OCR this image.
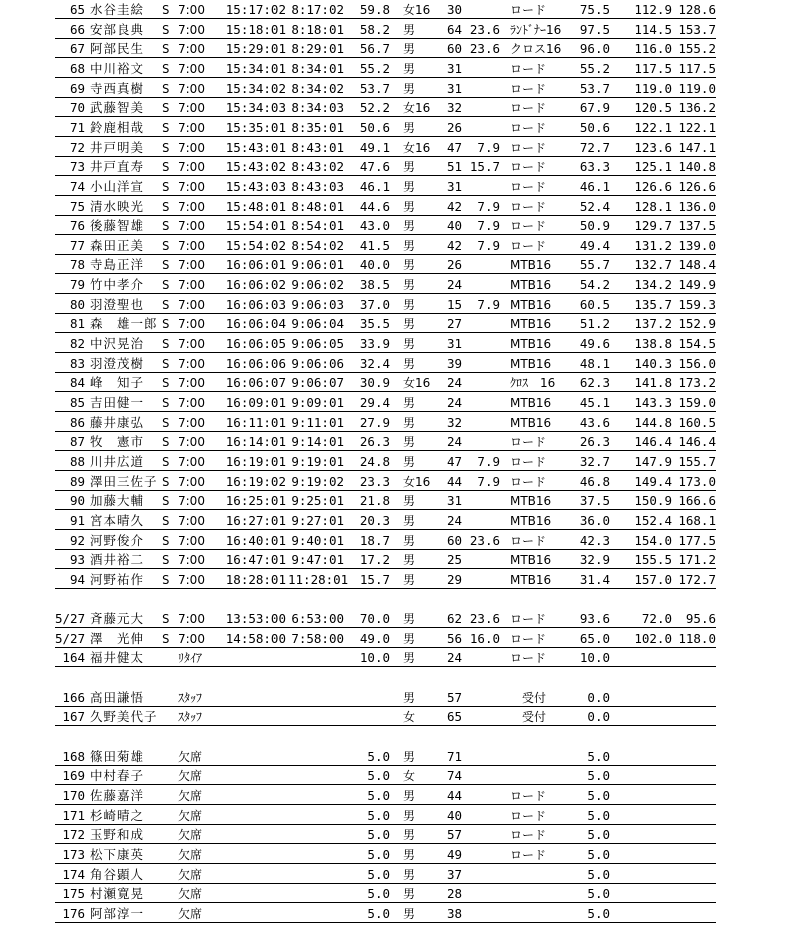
65 水谷圭絵	S 7:00	15:17:02 8:17:02	59.8 女16	30	ロード	75.5	112.9 128.6
66 安部良典	S 7:00	15:18:01 8:18:01	58.2 男	64 23.6 ﾗﾝﾄﾞﾅｰ16	97.5	114.5 153.7
67 阿部民生	S 7:00	15:29:01 8:29:01	56.7 男	60 23.6 クロス16	96.0	116.0 155.2
68 中川裕文	S 7:00	15:34:01 8:34:01	55.2 男	31	ロード	55.2	117.5 117.5
69 寺西真樹	S 7:00	15:34:02 8:34:02	53.7 男	31	ロード	53.7	119.0 119.0
70 武藤智美	S 7:00	15:34:03 8:34:03	52.2 女16	32	ロード	67.9	120.5 136.2
71 鈴鹿相哉	S 7:00	15:35:01 8:35:01	50.6 男	26	ロード	50.6	122.1 122.1
72 井戸明美	S 7:00	15:43:01 8:43:01	49.1 女16	47	7.9 ロード	72.7	123.6 147.1
73 井戸直寿	S 7:00	15:43:02 8:43:02	47.6 男	51 15.7 ロード	63.3	125.1 140.8
74 小山洋宣	S 7:00	15:43:03 8:43:03	46.1 男	31	ロード	46.1	126.6 126.6
75 清水映光	S 7:00	15:48:01 8:48:01	44.6 男	42	7.9 ロード	52.4	128.1 136.0
76 後藤智雄	S 7:00	15:54:01 8:54:01	43.0 男	40	7.9 ロード	50.9	129.7 137.5
77 森田正美	S 7:00	15:54:02 8:54:02	41.5 男	42	7.9 ロード	49.4	131.2 139.0
78 寺島正洋	S 7:00	16:06:01 9:06:01	40.0 男	26	MTB16	55.7	132.7 148.4
79 竹中孝介	S 7:00	16:06:02 9:06:02	38.5 男	24	MTB16	54.2	134.2 149.9
80 羽澄聖也	S 7:00	16:06:03 9:06:03	37.0 男	15	7.9 MTB16	60.5	135.7 159.3
81 森　雄一郎 S 7:00	16:06:04 9:06:04	35.5 男	27	MTB16	51.2	137.2 152.9
82 中沢晃治	S 7:00	16:06:05 9:06:05	33.9 男	31	MTB16	49.6	138.8 154.5
83 羽澄茂樹	S 7:00	16:06:06 9:06:06	32.4 男	39	MTB16	48.1	140.3 156.0
84 峰　知子	S 7:00	16:06:07 9:06:07	30.9 女16	24	ｸﾛｽ　16	62.3	141.8 173.2
85 吉田健一	S 7:00	16:09:01 9:09:01	29.4 男	24	MTB16	45.1	143.3 159.0
86 藤井康弘	S 7:00	16:11:01 9:11:01	27.9 男	32	MTB16	43.6	144.8 160.5
87 牧　憲市	S 7:00	16:14:01 9:14:01	26.3 男	24	ロード	26.3	146.4 146.4
88 川井広道	S 7:00	16:19:01 9:19:01	24.8 男	47	7.9 ロード	32.7	147.9 155.7
89 澤田三佐子 S 7:00	16:19:02 9:19:02	23.3 女16	44	7.9 ロード	46.8	149.4 173.0
90 加藤大輔	S 7:00	16:25:01 9:25:01	21.8 男	31	MTB16	37.5	150.9 166.6
91 宮本晴久	S 7:00	16:27:01 9:27:01	20.3 男	24	MTB16	36.0	152.4 168.1
92 河野俊介	S 7:00	16:40:01 9:40:01	18.7 男	60 23.6 ロード	42.3	154.0 177.5
93 酒井裕二	S 7:00	16:47:01 9:47:01	17.2 男	25	MTB16	32.9	155.5 171.2
94 河野祐作	S 7:00	18:28:01 11:28:01 15.7 男	29	MTB16	31.4	157.0 172.7
5/27 斉藤元大	S 7:00	13:53:00 6:53:00	70.0 男	62 23.6 ロード	93.6	72.0	95.6
5/27 澤　光伸	S 7:00	14:58:00 7:58:00	49.0 男	56 16.0 ロード	65.0	102.0 118.0
164 福井健太	ﾘﾀｲｱ	10.0 男	24	ロード	10.0
166 高田謙悟	ｽﾀｯﾌ	男	57	　受付	0.0
167 久野美代子	ｽﾀｯﾌ	女	65	　受付	0.0
168 篠田菊雄	欠席	5.0 男	71	5.0
169 中村春子	欠席	5.0 女	74	5.0
170 佐藤嘉洋	欠席	5.0 男	44	ロード	5.0
171 杉崎晴之	欠席	5.0 男	40	ロード	5.0
172 玉野和成	欠席	5.0 男	57	ロード	5.0
173 松下康英	欠席	5.0 男	49	ロード	5.0
174 角谷顕人	欠席	5.0 男	37	5.0
175 村瀬寛晃	欠席	5.0 男	28	5.0
176 阿部淳一	欠席	5.0 男	38	5.0
